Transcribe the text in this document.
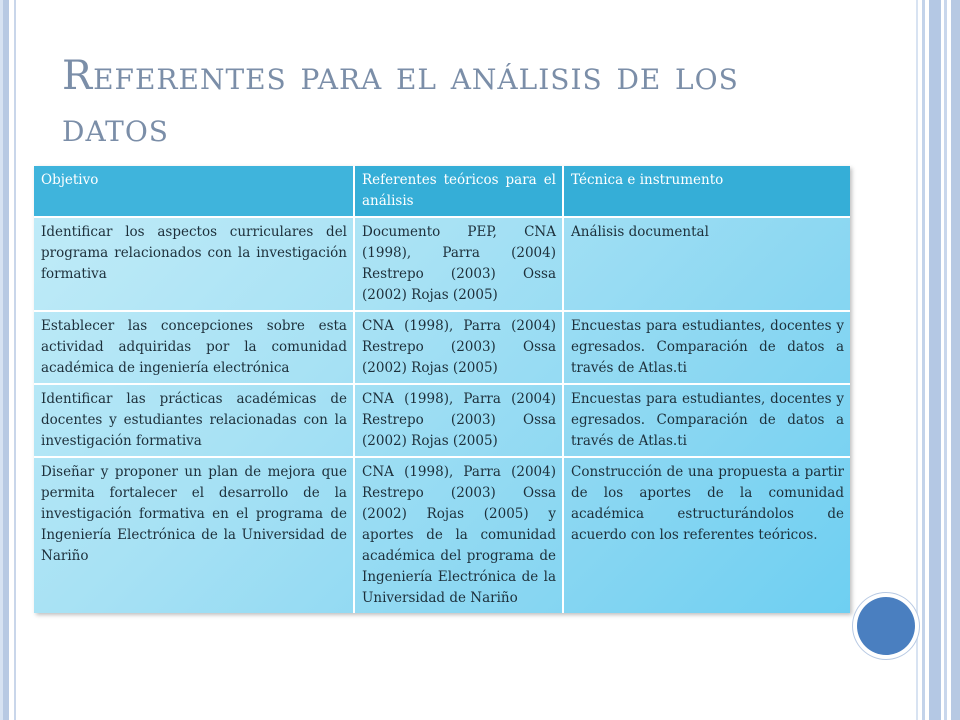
Referentes para el análisis de los datos
Objetivo	Referentes teóricos para el análisis	Técnica e instrumento
Identificar los aspectos curriculares del programa relacionados con la investigación formativa	Documento PEP, CNA (1998), Parra (2004) Restrepo (2003) Ossa (2002) Rojas (2005)	Análisis documental
Establecer las concepciones sobre esta actividad adquiridas por la comunidad académica de ingeniería electrónica	CNA (1998), Parra (2004) Restrepo (2003) Ossa (2002) Rojas (2005)	Encuestas para estudiantes, docentes y egresados. Comparación de datos a través de Atlas.ti
Identificar las prácticas académicas de docentes y estudiantes relacionadas con la investigación formativa	CNA (1998), Parra (2004) Restrepo (2003) Ossa (2002) Rojas (2005)	Encuestas para estudiantes, docentes y egresados. Comparación de datos a través de Atlas.ti
Diseñar y proponer un plan de mejora que permita fortalecer el desarrollo de la investigación formativa en el programa de Ingeniería Electrónica de la Universidad de Nariño	CNA (1998), Parra (2004) Restrepo (2003) Ossa (2002) Rojas (2005) y aportes de la comunidad académica del programa de Ingeniería Electrónica de la Universidad de Nariño	Construcción de una propuesta a partir de los aportes de la comunidad académica estructurándolos de acuerdo con los referentes teóricos.
